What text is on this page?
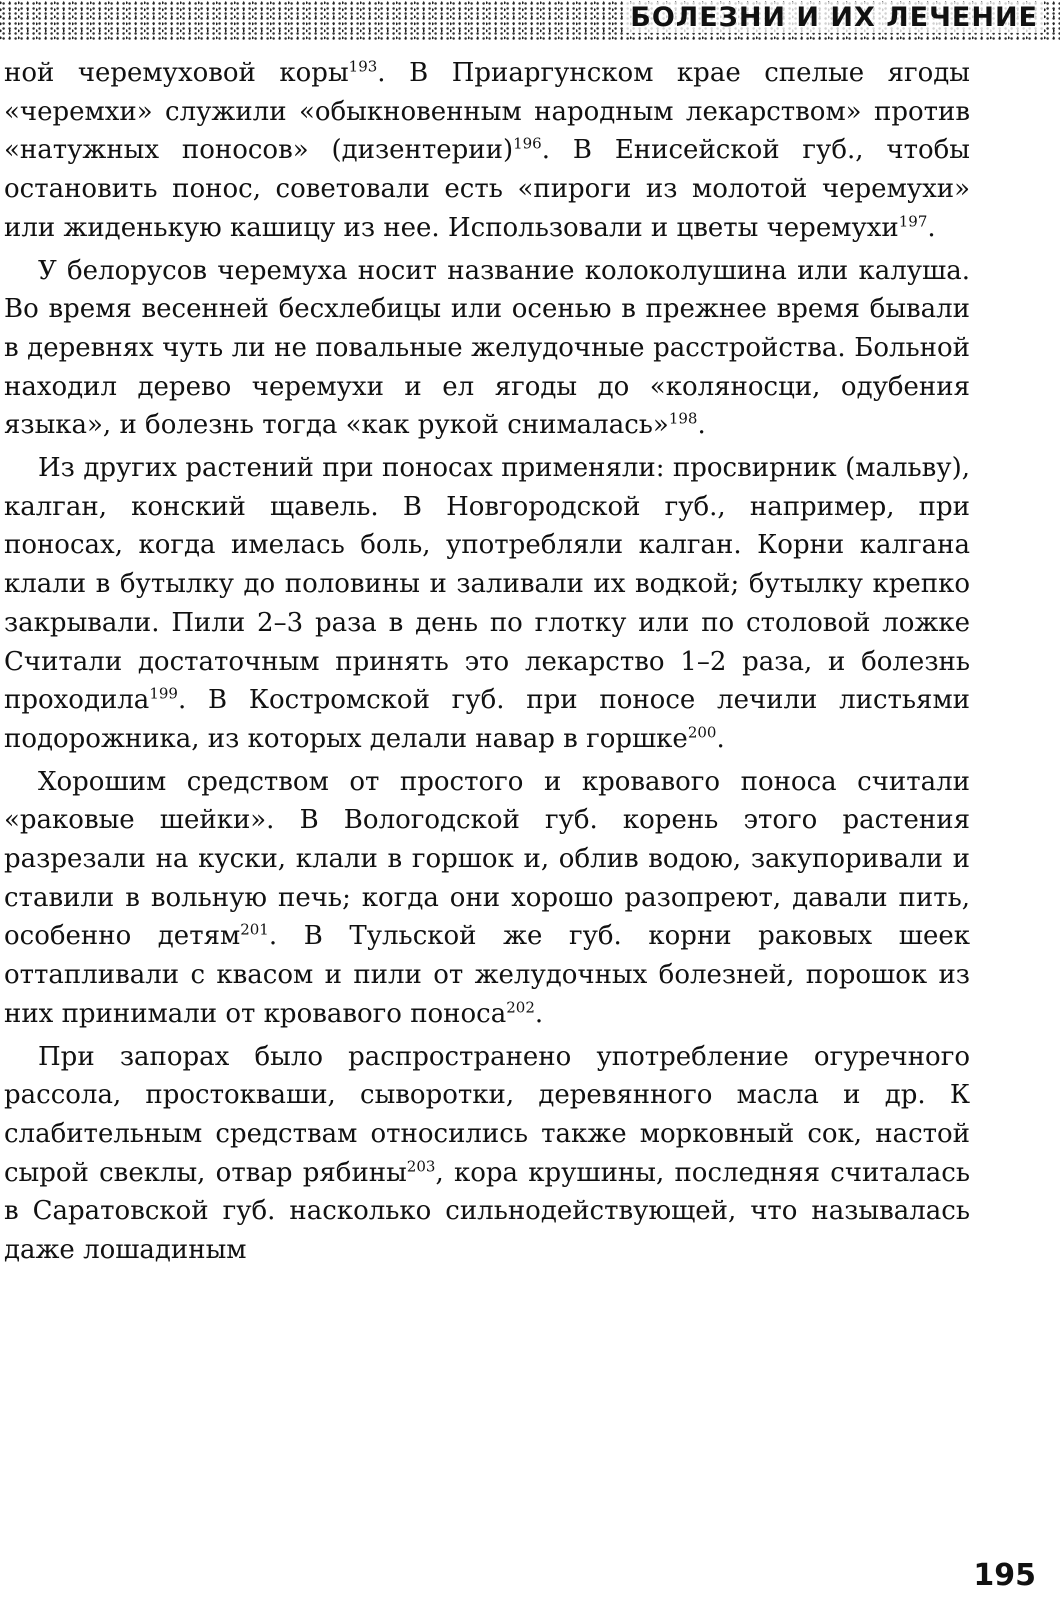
БОЛЕЗНИ И ИХ ЛЕЧЕНИЕ

ной черемуховой коры$^{193}$. В Приаргунском крае спелые ягоды «черемхи» служили «обыкновенным народным лекарством» против «натужных поносов» (дизентерии)$^{196}$. В Енисейской губ., чтобы остановить понос, советовали есть «пироги из молотой черемухи» или жиденькую кашицу из нее. Использовали и цветы черемухи$^{197}$.

У белорусов черемуха носит название колоколушина или калуша. Во время весенней бесхлебицы или осенью в прежнее время бывали в деревнях чуть ли не повальные желудочные расстройства. Больной находил дерево черемухи и ел ягоды до «коляносци, одубения языка», и болезнь тогда «как рукой снималась»$^{198}$.

Из других растений при поносах применяли: просвирник (мальву), калган, конский щавель. В Новгородской губ., например, при поносах, когда имелась боль, употребляли калган. Корни калгана клали в бутылку до половины и заливали их водкой; бутылку крепко закрывали. Пили 2–3 раза в день по глотку или по столовой ложке Считали достаточным принять это лекарство 1–2 раза, и болезнь проходила$^{199}$. В Костромской губ. при поносе лечили листьями подорожника, из которых делали навар в горшке$^{200}$.

Хорошим средством от простого и кровавого поноса считали «раковые шейки». В Вологодской губ. корень этого растения разрезали на куски, клали в горшок и, облив водою, закупоривали и ставили в вольную печь; когда они хорошо разопреют, давали пить, особенно детям$^{201}$. В Тульской же губ. корни раковых шеек оттапливали с квасом и пили от желудочных болезней, порошок из них принимали от кровавого поноса$^{202}$.

При запорах было распространено употребление огуречного рассола, простокваши, сыворотки, деревянного масла и др. К слабительным средствам относились также морковный сок, настой сырой свеклы, отвар рябины$^{203}$, кора крушины, последняя считалась в Саратовской губ. насколько сильнодействующей, что называлась даже лошадиным

195
